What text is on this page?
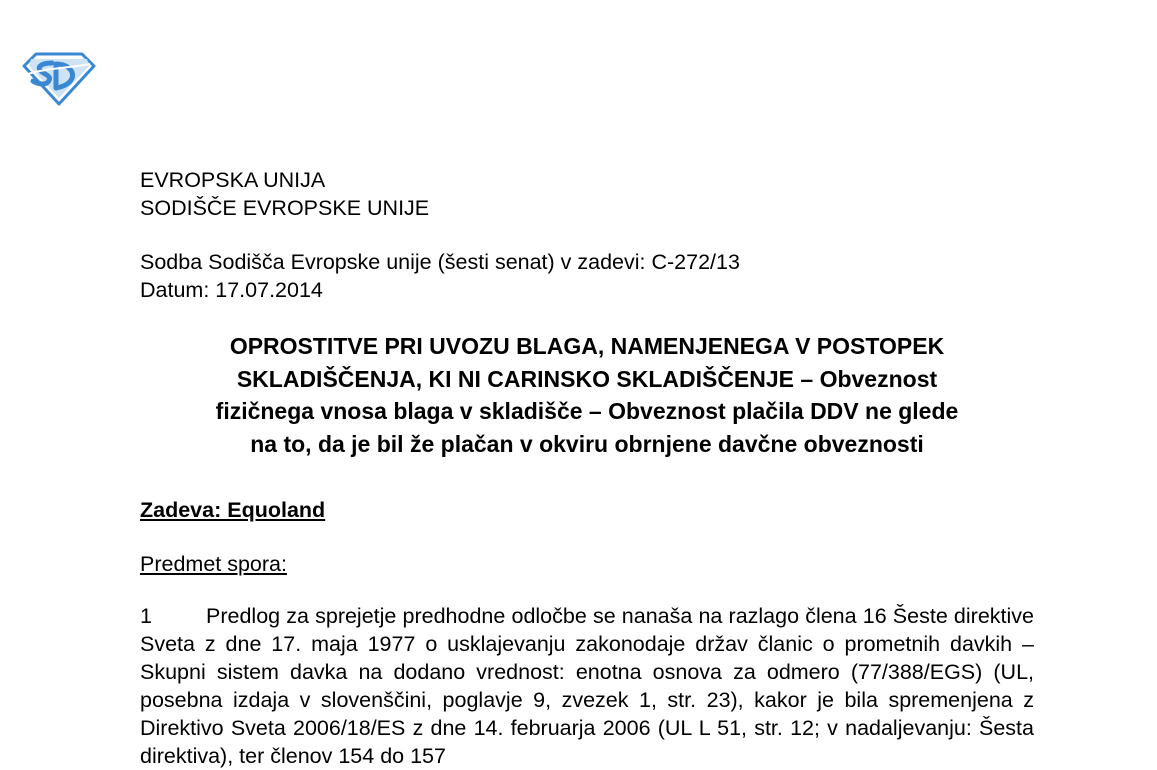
EVROPSKA UNIJA
SODIŠČE EVROPSKE UNIJE
Sodba Sodišča Evropske unije (šesti senat) v zadevi: C-272/13
Datum: 17.07.2014
OPROSTITVE PRI UVOZU BLAGA, NAMENJENEGA V POSTOPEK
SKLADIŠČENJA, KI NI CARINSKO SKLADIŠČENJE – Obveznost
fizičnega vnosa blaga v skladišče – Obveznost plačila DDV ne glede
na to, da je bil že plačan v okviru obrnjene davčne obveznosti
Zadeva: Equoland
Predmet spora:
1	Predlog za sprejetje predhodne odločbe se nanaša na razlago člena 16 Šeste direktive Sveta z dne 17. maja 1977 o usklajevanju zakonodaje držav članic o prometnih davkih – Skupni sistem davka na dodano vrednost: enotna osnova za odmero (77/388/EGS) (UL, posebna izdaja v slovenščini, poglavje 9, zvezek 1, str. 23), kakor je bila spremenjena z Direktivo Sveta 2006/18/ES z dne 14. februarja 2006 (UL L 51, str. 12; v nadaljevanju: Šesta direktiva), ter členov 154 do 157
